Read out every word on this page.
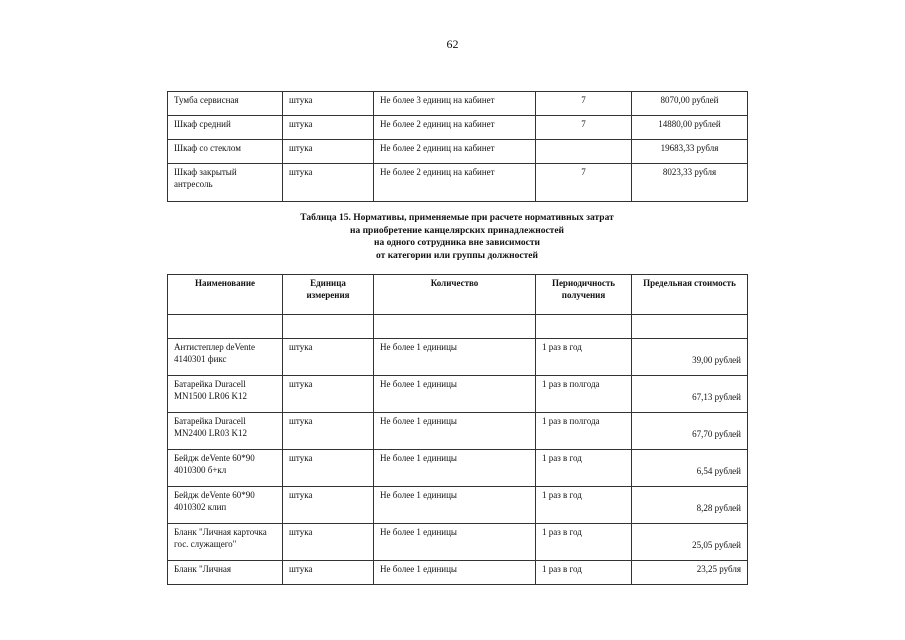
62
Тумба сервисная	штука	Не более 3 единиц на кабинет	7	8070,00 рублей
Шкаф средний	штука	Не более 2 единиц на кабинет	7	14880,00 рублей
Шкаф со стеклом	штука	Не более 2 единиц на кабинет		19683,33 рубля
Шкаф закрытый антресоль	штука	Не более 2 единиц на кабинет	7	8023,33 рубля
Таблица 15. Нормативы, применяемые при расчете нормативных затрат
на приобретение канцелярских принадлежностей
на одного сотрудника вне зависимости
от категории или группы должностей
Наименование	Единица измерения	Количество	Периодичность получения	Предельная стоимость

Антистеплер deVente 4140301 фикс	штука	Не более 1 единицы	1 раз в год	39,00 рублей
Батарейка Duracell MN1500 LR06 K12	штука	Не более 1 единицы	1 раз в полгода	67,13 рублей
Батарейка Duracell MN2400 LR03 K12	штука	Не более 1 единицы	1 раз в полгода	67,70 рублей
Бейдж deVente 60*90 4010300 б+кл	штука	Не более 1 единицы	1 раз в год	6,54 рублей
Бейдж deVente 60*90 4010302 клип	штука	Не более 1 единицы	1 раз в год	8,28 рублей
Бланк "Личная карточка гос. служащего"	штука	Не более 1 единицы	1 раз в год	25,05 рублей
Бланк "Личная	штука	Не более 1 единицы	1 раз в год	23,25 рубля
